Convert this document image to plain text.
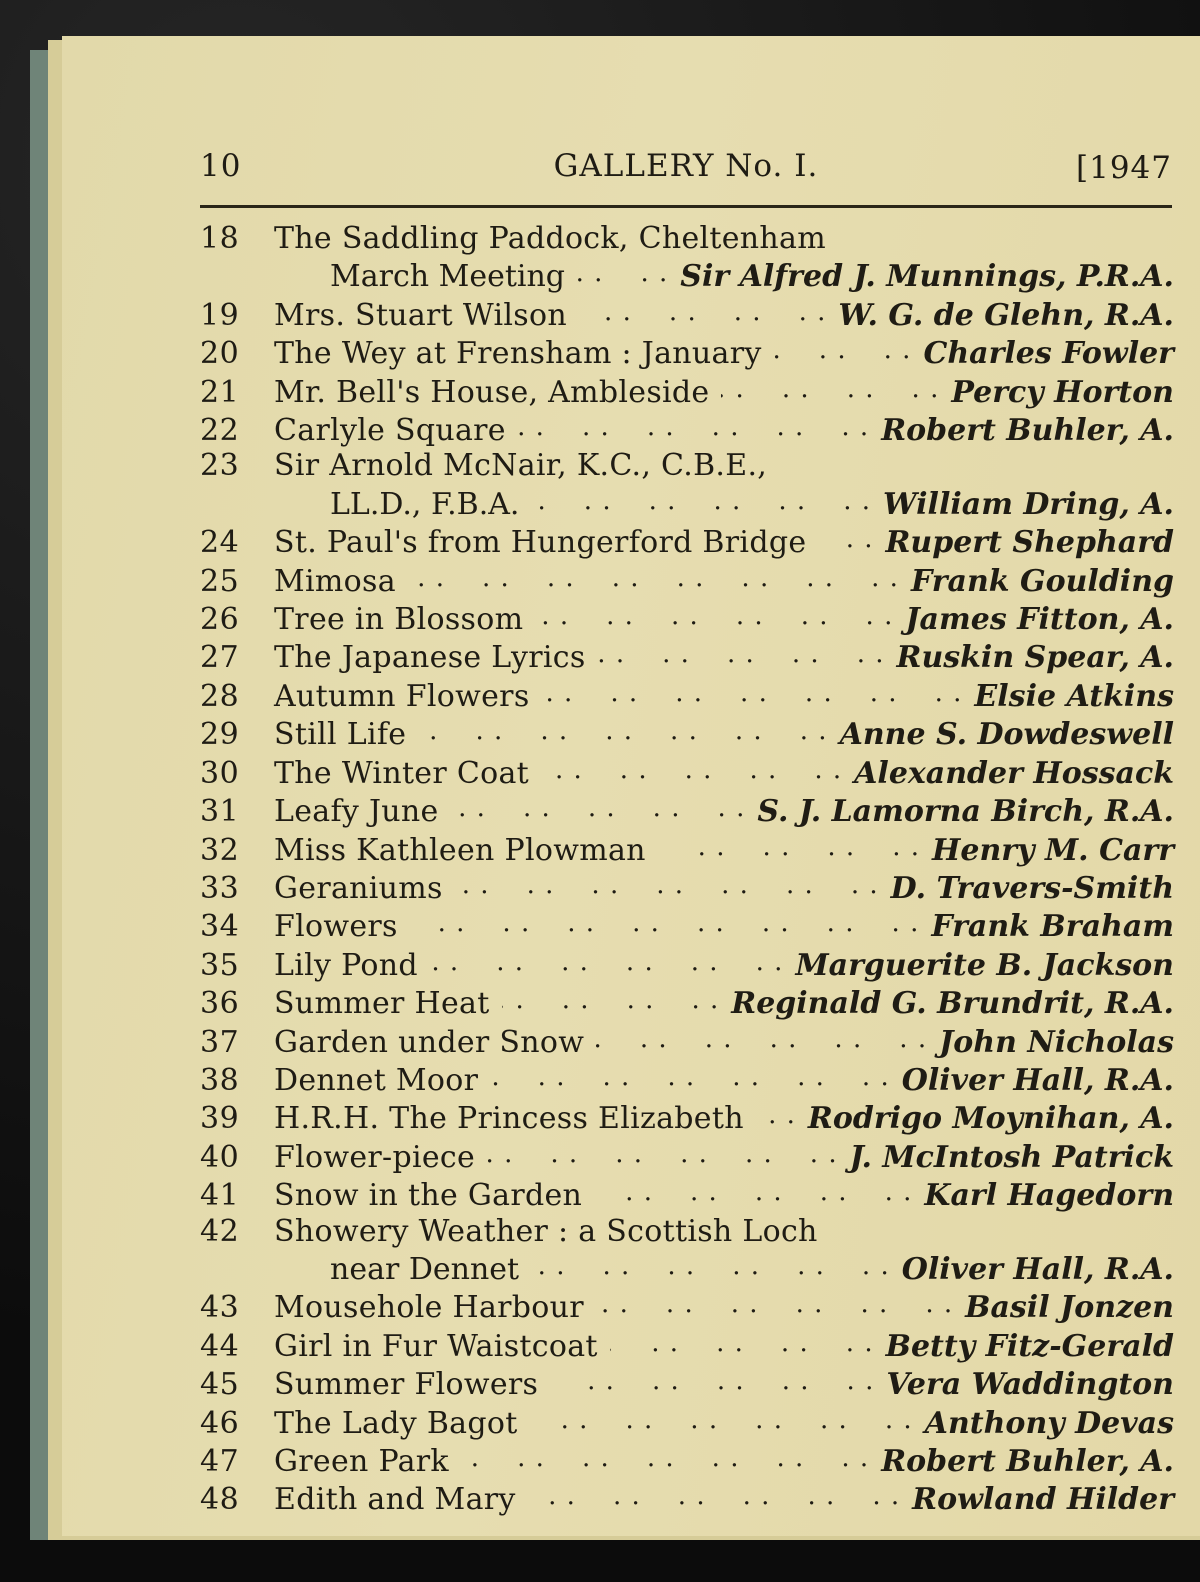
10	GALLERY No. I.	[1947
18	The Saddling Paddock, Cheltenham
March Meeting . .	Sir Alfred J. Munnings, P.R.A.
19	Mrs. Stuart Wilson . .	W. G. de Glehn, R.A.
20	The Wey at Frensham : January . .	Charles Fowler
21	Mr. Bell's House, Ambleside . .	Percy Horton
22	Carlyle Square . .	Robert Buhler, A.
23	Sir Arnold McNair, K.C., C.B.E.,
LL.D., F.B.A. . .	William Dring, A.
24	St. Paul's from Hungerford Bridge . .	Rupert Shephard
25	Mimosa . .	Frank Goulding
26	Tree in Blossom . .	James Fitton, A.
27	The Japanese Lyrics . .	Ruskin Spear, A.
28	Autumn Flowers . .	Elsie Atkins
29	Still Life . .	Anne S. Dowdeswell
30	The Winter Coat . .	Alexander Hossack
31	Leafy June . .	S. J. Lamorna Birch, R.A.
32	Miss Kathleen Plowman . .	Henry M. Carr
33	Geraniums . .	D. Travers-Smith
34	Flowers . .	Frank Braham
35	Lily Pond . .	Marguerite B. Jackson
36	Summer Heat . .	Reginald G. Brundrit, R.A.
37	Garden under Snow . .	John Nicholas
38	Dennet Moor . .	Oliver Hall, R.A.
39	H.R.H. The Princess Elizabeth . . Rodrigo Moynihan, A.
40	Flower-piece . .	J. McIntosh Patrick
41	Snow in the Garden . .	Karl Hagedorn
42	Showery Weather : a Scottish Loch
near Dennet . .	Oliver Hall, R.A.
43	Mousehole Harbour . .	Basil Jonzen
44	Girl in Fur Waistcoat . .	Betty Fitz-Gerald
45	Summer Flowers . .	Vera Waddington
46	The Lady Bagot . .	Anthony Devas
47	Green Park . .	Robert Buhler, A.
48	Edith and Mary . .	Rowland Hilder
